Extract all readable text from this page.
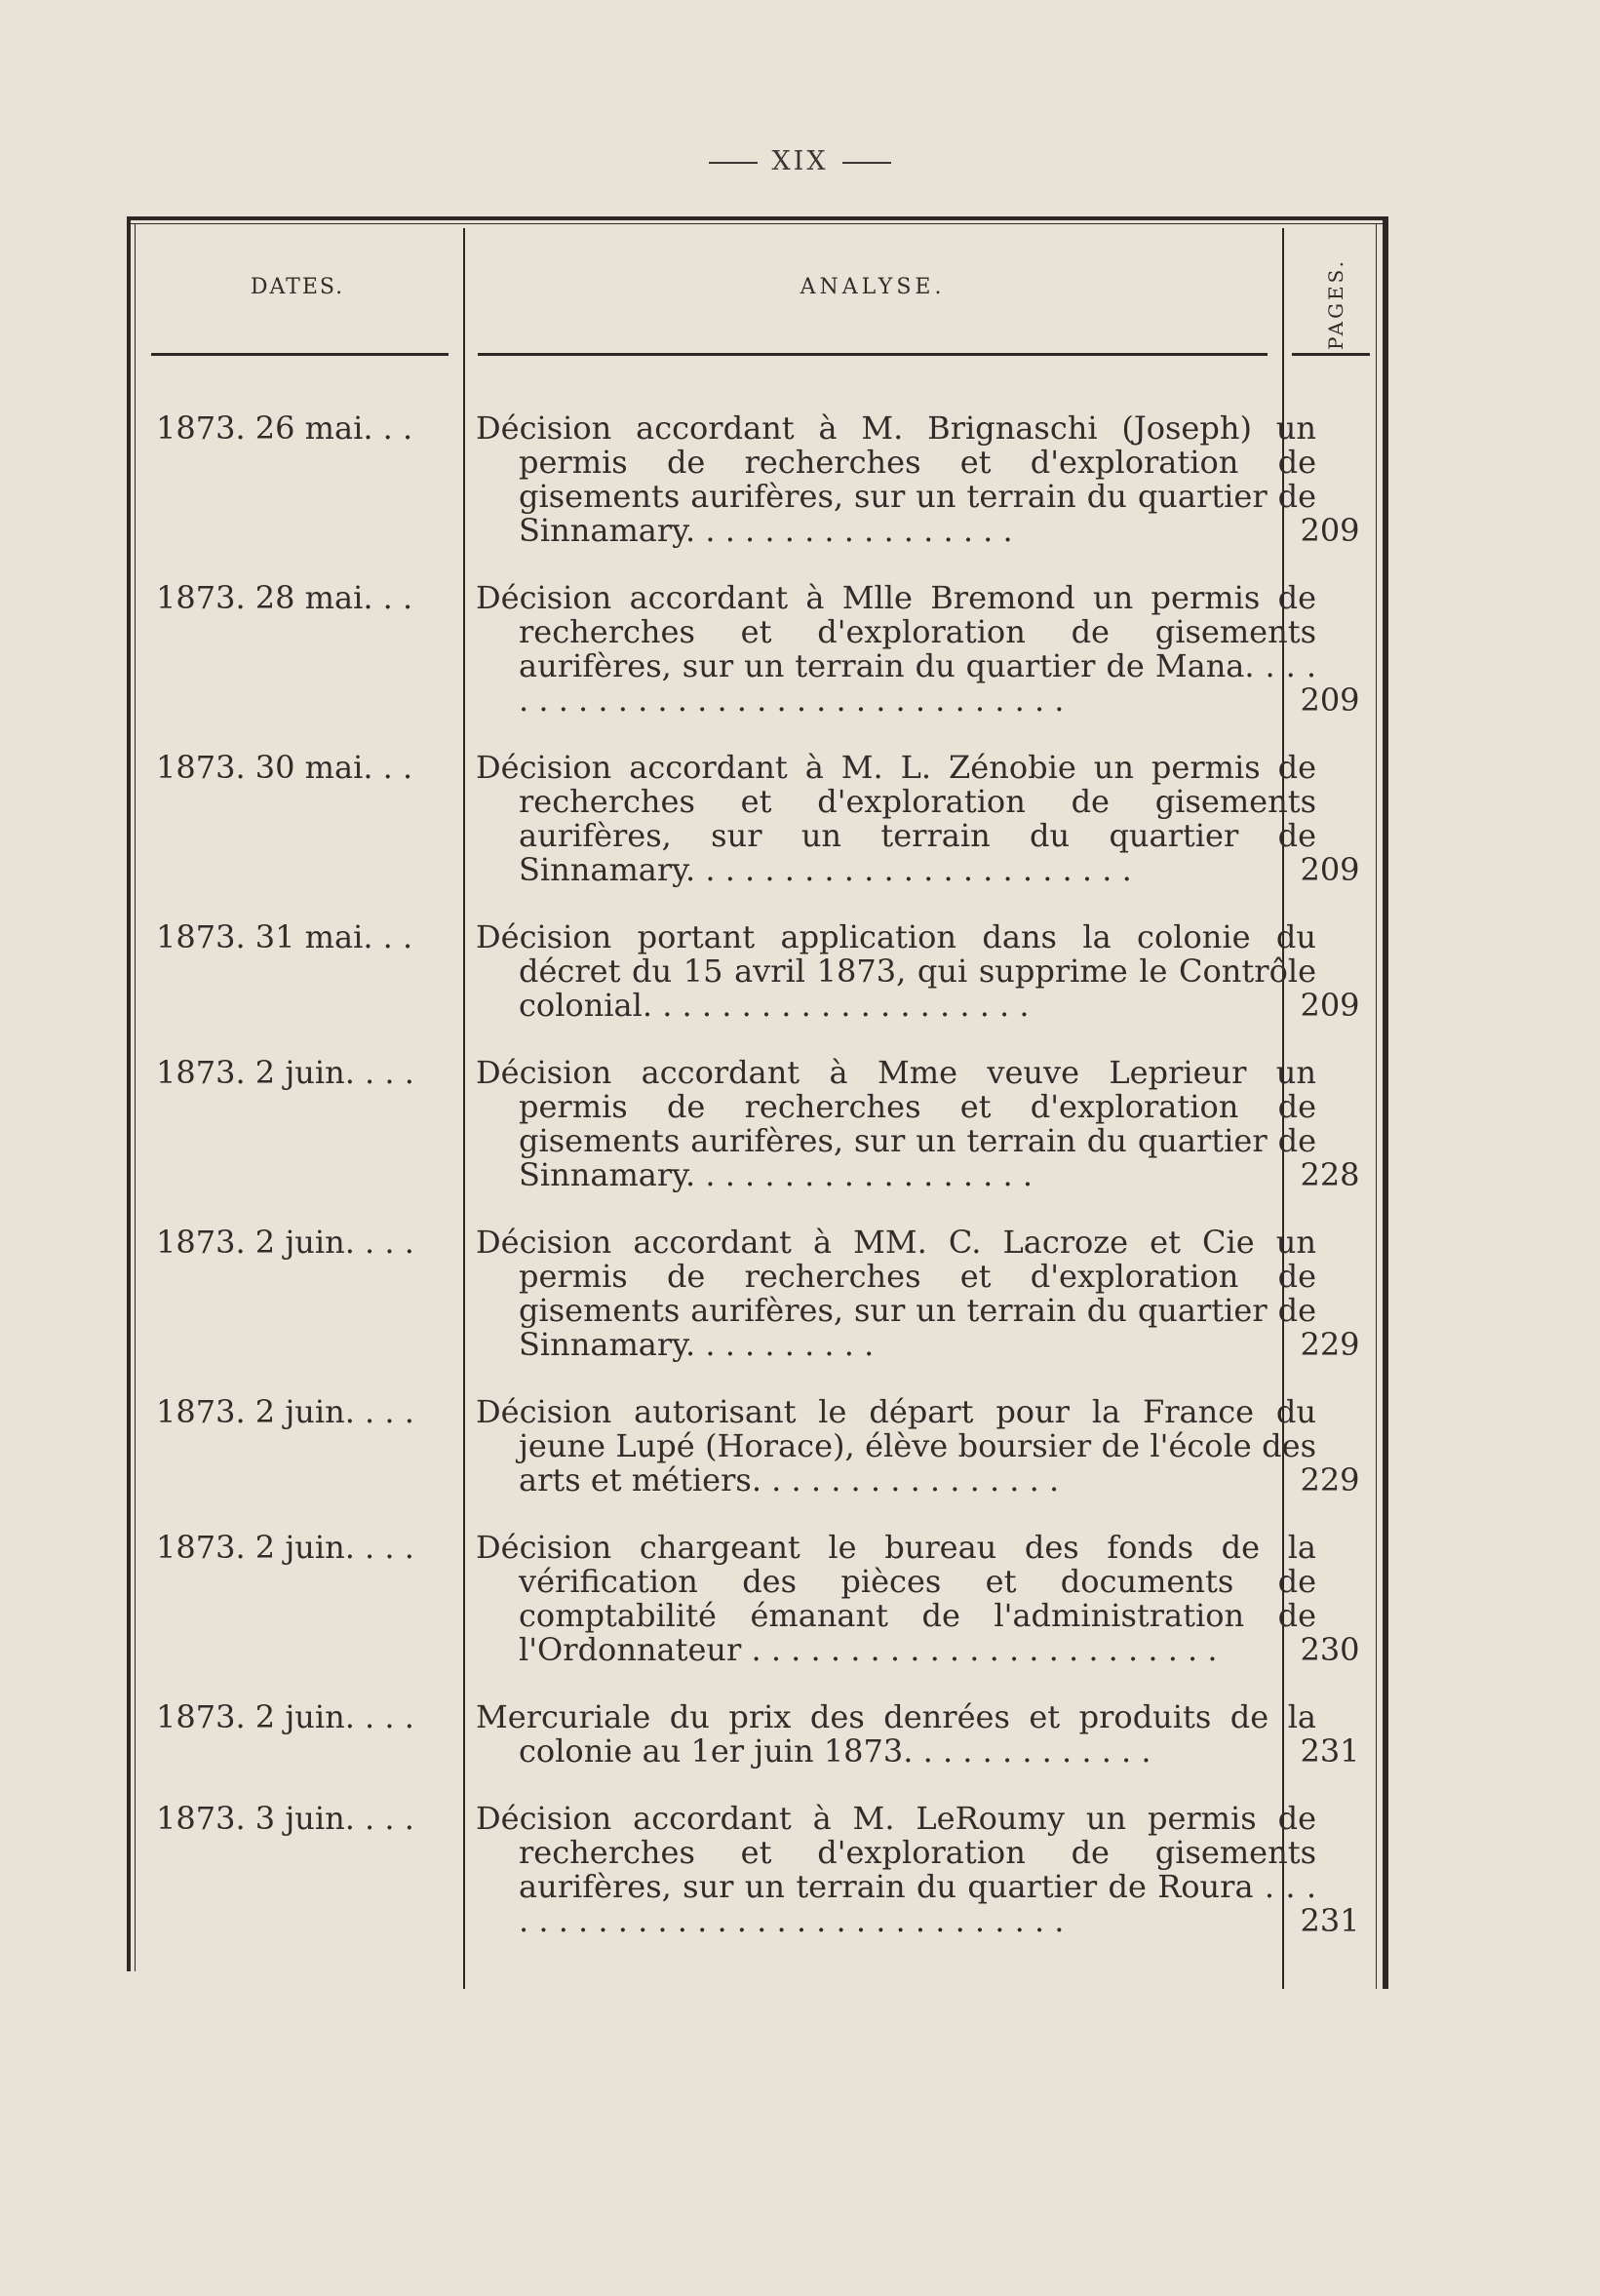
XIX
DATES.	ANALYSE.	PAGES.
1873. 26 mai. . .	Décision accordant à M. Brignaschi (Joseph) un permis de recherches et d'exploration de gisements aurifères, sur un terrain du quartier de Sinnamary. . . . . . . . . . . . . . . . .	209
1873. 28 mai. . .	Décision accordant à Mlle Bremond un permis de recherches et d'exploration de gisements aurifères, sur un terrain du quartier de Mana. . . . . . . . . . . . . . . . . . . . . . . . . . . . . . . .	209
1873. 30 mai. . .	Décision accordant à M. L. Zénobie un permis de recherches et d'exploration de gisements aurifères, sur un terrain du quartier de Sinnamary. . . . . . . . . . . . . . . . . . . . . . .	209
1873. 31 mai. . .	Décision portant application dans la colonie du décret du 15 avril 1873, qui supprime le Contrôle colonial. . . . . . . . . . . . . . . . . . . .	209
1873. 2 juin. . . .	Décision accordant à Mme veuve Leprieur un permis de recherches et d'exploration de gisements aurifères, sur un terrain du quartier de Sinnamary. . . . . . . . . . . . . . . . . .	228
1873. 2 juin. . . .	Décision accordant à MM. C. Lacroze et Cie un permis de recherches et d'exploration de gisements aurifères, sur un terrain du quartier de Sinnamary. . . . . . . . . .	229
1873. 2 juin. . . .	Décision autorisant le départ pour la France du jeune Lupé (Horace), élève boursier de l'école des arts et métiers. . . . . . . . . . . . . . . .	229
1873. 2 juin. . . .	Décision chargeant le bureau des fonds de la vérification des pièces et documents de comptabilité émanant de l'administration de l'Ordonnateur . . . . . . . . . . . . . . . . . . . . . . . .	230
1873. 2 juin. . . .	Mercuriale du prix des denrées et produits de la colonie au 1er juin 1873. . . . . . . . . . . . .	231
1873. 3 juin. . . .	Décision accordant à M. LeRoumy un permis de recherches et d'exploration de gisements aurifères, sur un terrain du quartier de Roura . . . . . . . . . . . . . . . . . . . . . . . . . . . . . . .	231
